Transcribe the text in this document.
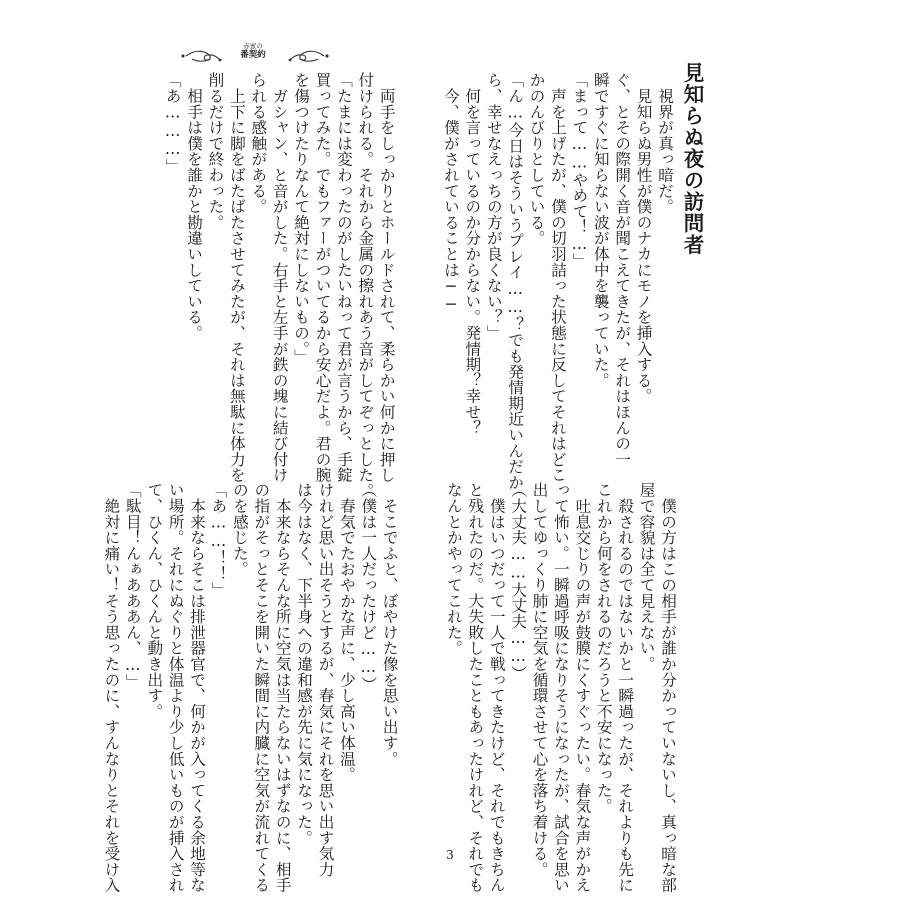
赤蜜の
番契約
見知らぬ夜の訪問者
　視界が真っ暗だ。
　見知らぬ男性が僕のナカにモノを挿入する。
ぐ、とその際開く音が聞こえてきたが、それはほんの一
瞬ですぐに知らない波が体中を襲っていた。
「まって……やめて！…」
　声を上げたが、僕の切羽詰った状態に反してそれはどこ
かのんびりとしている。
「ん…今日はそういうプレイ……？でも発情期近いんだか
ら、幸せなえっちの方が良くない？」
　何を言っているのか分からない。発情期？幸せ？
　今、僕がされていることは──

　両手をしっかりとホールドされて、柔らかい何かに押し
付けられる。それから金属の擦れあう音がしてぞっとした。
「たまには変わったのがしたいねって君が言うから、手錠
買ってみた。でもファーがついてるから安心だよ。君の腕
を傷つけたりなんて絶対にしないもの。」
　ガシャン、と音がした。右手と左手が鉄の塊に結び付け
られる感触がある。
　上下に脚をばたばたさせてみたが、それは無駄に体力を
削るだけで終わった。
　相手は僕を誰かと勘違いしている。
「あ………」
　僕の方はこの相手が誰か分かっていないし、真っ暗な部
屋で容貌は全て見えない。
　殺されるのではないかと一瞬過ったが、それよりも先に
これから何をされるのだろうと不安になった。
　吐息交じりの声が鼓膜にくすぐったい。春気な声がかえ
って怖い。一瞬過呼吸になりそうになったが、試合を思い
出してゆっくり肺に空気を循環させて心を落ち着ける。
（大丈夫……大丈夫……）
　僕はいつだって一人で戦ってきたけど、それでもきちん
と残れたのだ。大失敗したこともあったけれど、それでも
なんとかやってこれた。

　そこでふと、ぼやけた像を思い出す。
（僕は一人だったけど……）
　春気でたおやかな声に、少し高い体温。
けれど思い出そうとするが、春気にそれを思い出す気力
は今はなく、下半身への違和感が先に気になった。
　本来ならそんな所に空気は当たらないはずなのに、相手
の指がそっとそこを開いた瞬間に内臓に空気が流れてくる
のを感じた。
「あ……！！」
　本来ならそこは排泄器官で、何かが入ってくる余地等な
い場所。それにぬぐりと体温より少し低いものが挿入され
て、ひくん、ひくんと動き出す。
「駄目！んぁあああん、…」
　絶対に痛い！そう思ったのに、すんなりとそれを受け入	3
